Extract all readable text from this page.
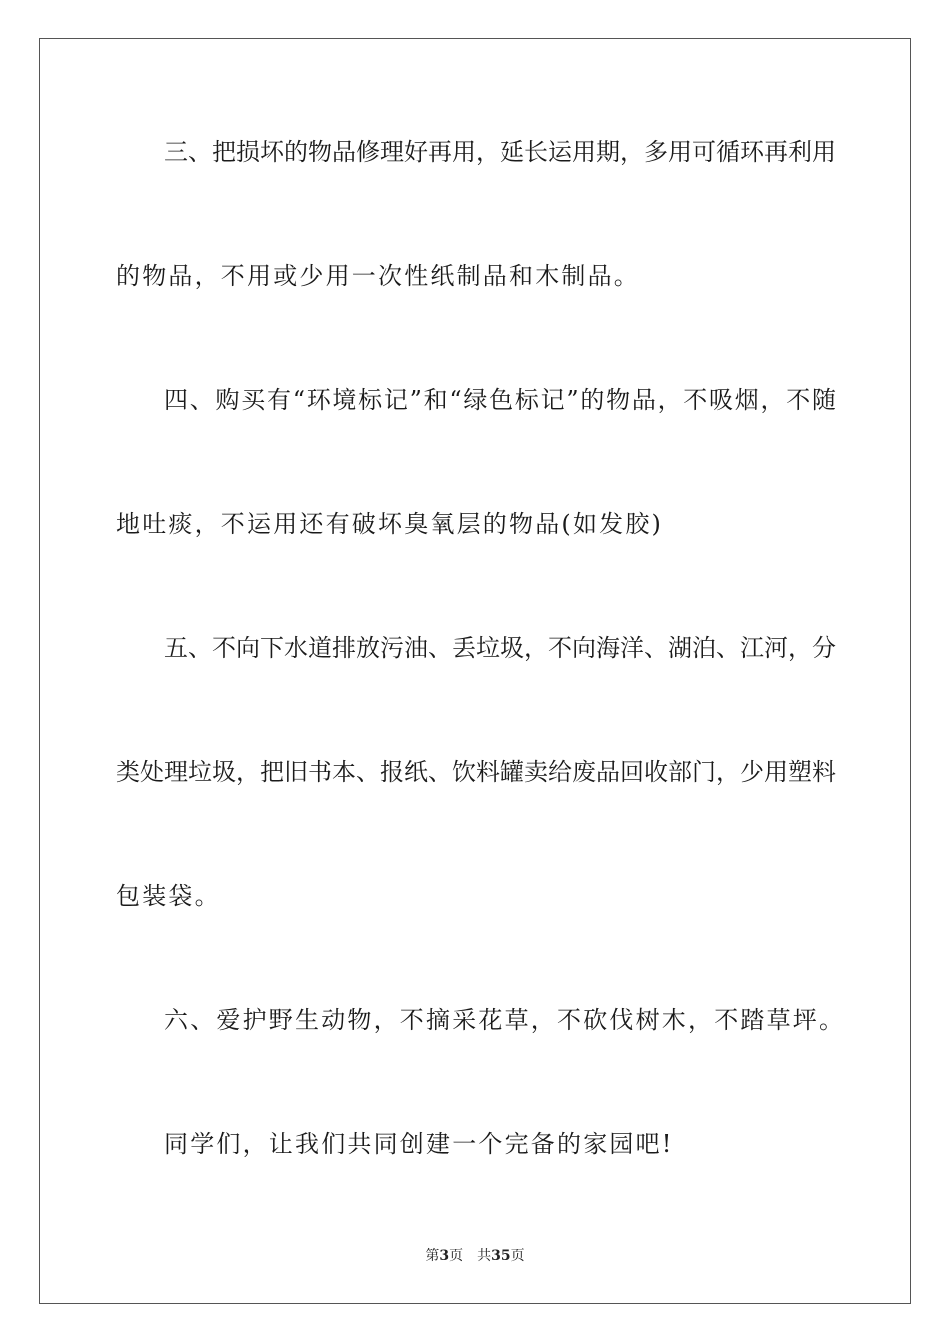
三、把损坏的物品修理好再用，延长运用期，多用可循环再利用
的物品，不用或少用一次性纸制品和木制品。
四、购买有“环境标记”和“绿色标记”的物品，不吸烟，不随
地吐痰，不运用还有破坏臭氧层的物品(如发胶)
五、不向下水道排放污油、丢垃圾，不向海洋、湖泊、江河，分
类处理垃圾，把旧书本、报纸、饮料罐卖给废品回收部门，少用塑料
包装袋。
六、爱护野生动物，不摘采花草，不砍伐树木，不踏草坪。
同学们，让我们共同创建一个完备的家园吧!
第3页 共35页
